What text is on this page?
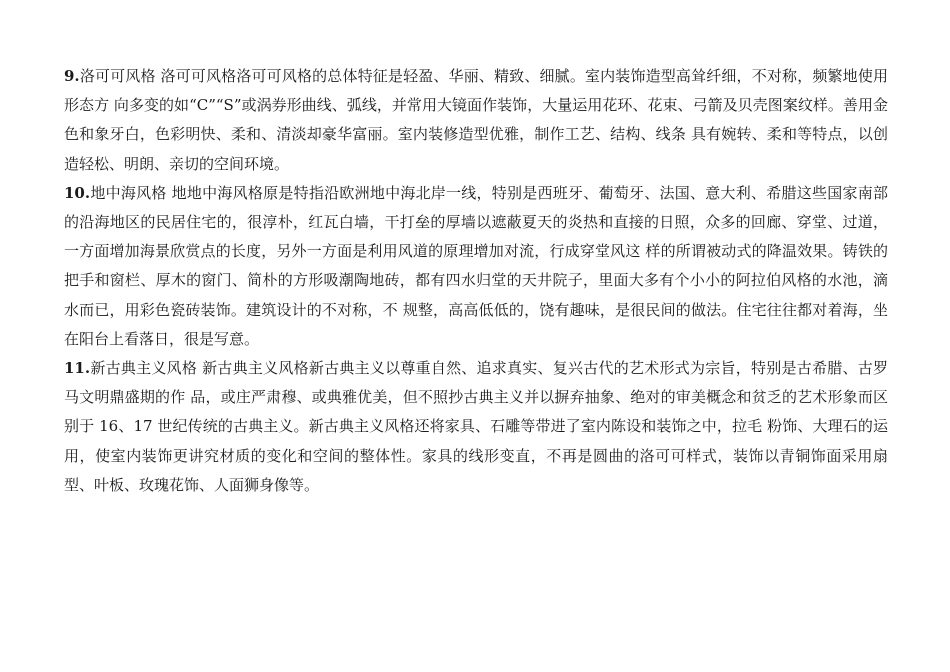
9.洛可可风格 洛可可风格洛可可风格的总体特征是轻盈、华丽、精致、细腻。室内装饰造型高耸纤细，不对称，频繁地使用形态方 向多变的如“C”“S”或涡券形曲线、弧线，并常用大镜面作装饰，大量运用花环、花束、弓箭及贝壳图案纹样。善用金色和象牙白，色彩明快、柔和、清淡却豪华富丽。室内装修造型优雅，制作工艺、结构、线条 具有婉转、柔和等特点，以创造轻松、明朗、亲切的空间环境。

10.地中海风格 地地中海风格原是特指沿欧洲地中海北岸一线，特别是西班牙、葡萄牙、法国、意大利、希腊这些国家南部 的沿海地区的民居住宅的，很淳朴，红瓦白墙，干打垒的厚墙以遮蔽夏天的炎热和直接的日照，众多的回廊、穿堂、过道，一方面增加海景欣赏点的长度，另外一方面是利用风道的原理增加对流，行成穿堂风这 样的所谓被动式的降温效果。铸铁的把手和窗栏、厚木的窗门、简朴的方形吸潮陶地砖，都有四水归堂的天井院子，里面大多有个小小的阿拉伯风格的水池，滴水而已，用彩色瓷砖装饰。建筑设计的不对称，不 规整，高高低低的，饶有趣味，是很民间的做法。住宅往往都对着海，坐在阳台上看落日，很是写意。

11.新古典主义风格 新古典主义风格新古典主义以尊重自然、追求真实、复兴古代的艺术形式为宗旨，特别是古希腊、古罗马文明鼎盛期的作 品，或庄严肃穆、或典雅优美，但不照抄古典主义并以摒弃抽象、绝对的审美概念和贫乏的艺术形象而区别于 16、17 世纪传统的古典主义。新古典主义风格还将家具、石雕等带进了室内陈设和装饰之中，拉毛 粉饰、大理石的运用，使室内装饰更讲究材质的变化和空间的整体性。家具的线形变直，不再是圆曲的洛可可样式，装饰以青铜饰面采用扇型、叶板、玫瑰花饰、人面狮身像等。
